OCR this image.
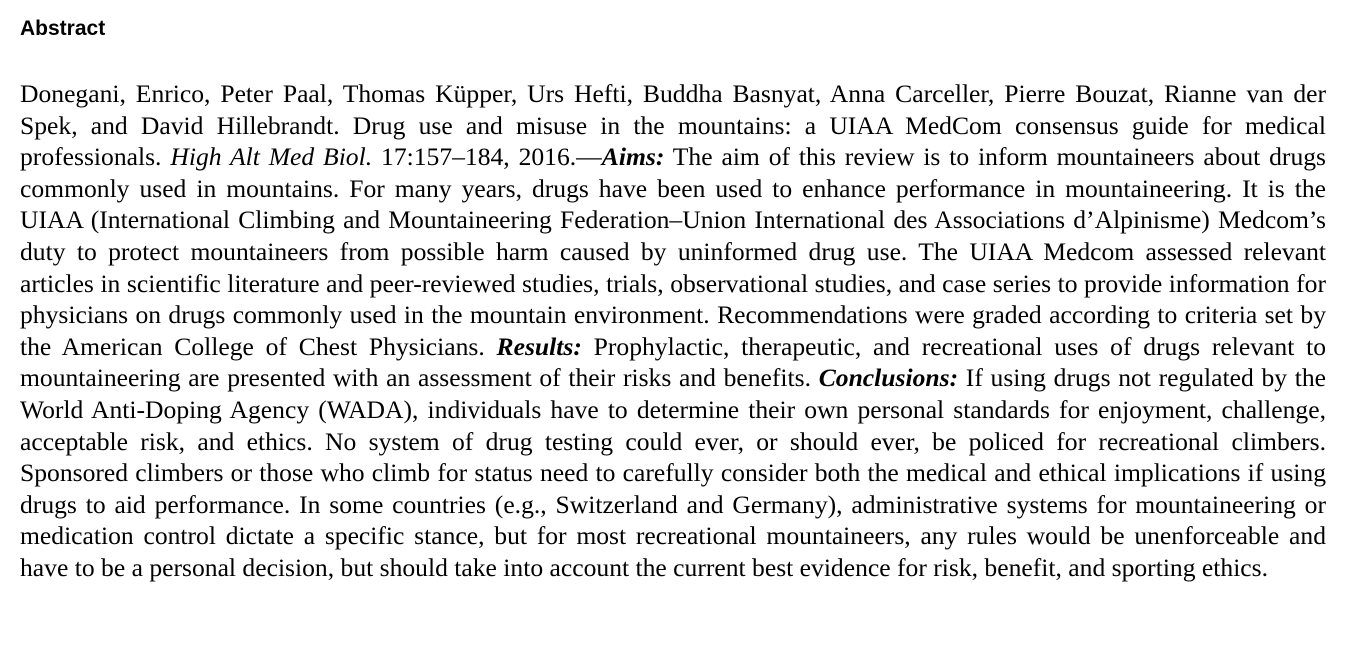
Abstract

Donegani, Enrico, Peter Paal, Thomas Küpper, Urs Hefti, Buddha Basnyat, Anna Carceller, Pierre Bouzat, Rianne van der Spek, and David Hillebrandt. Drug use and misuse in the mountains: a UIAA MedCom consensus guide for medical professionals. High Alt Med Biol. 17:157–184, 2016.—Aims: The aim of this review is to inform mountaineers about drugs commonly used in mountains. For many years, drugs have been used to enhance performance in mountaineering. It is the UIAA (International Climbing and Mountaineering Federation–Union International des Associations d’Alpinisme) Medcom’s duty to protect mountaineers from possible harm caused by uninformed drug use. The UIAA Medcom assessed relevant articles in scientific literature and peer-reviewed studies, trials, observational studies, and case series to provide information for physicians on drugs commonly used in the mountain environment. Recommendations were graded according to criteria set by the American College of Chest Physicians. Results: Prophylactic, therapeutic, and recreational uses of drugs relevant to mountaineering are presented with an assessment of their risks and benefits. Conclusions: If using drugs not regulated by the World Anti-Doping Agency (WADA), individuals have to determine their own personal standards for enjoyment, challenge, acceptable risk, and ethics. No system of drug testing could ever, or should ever, be policed for recreational climbers. Sponsored climbers or those who climb for status need to carefully consider both the medical and ethical implications if using drugs to aid performance. In some countries (e.g., Switzerland and Germany), administrative systems for mountaineering or medication control dictate a specific stance, but for most recreational mountaineers, any rules would be unenforceable and have to be a personal decision, but should take into account the current best evidence for risk, benefit, and sporting ethics.
